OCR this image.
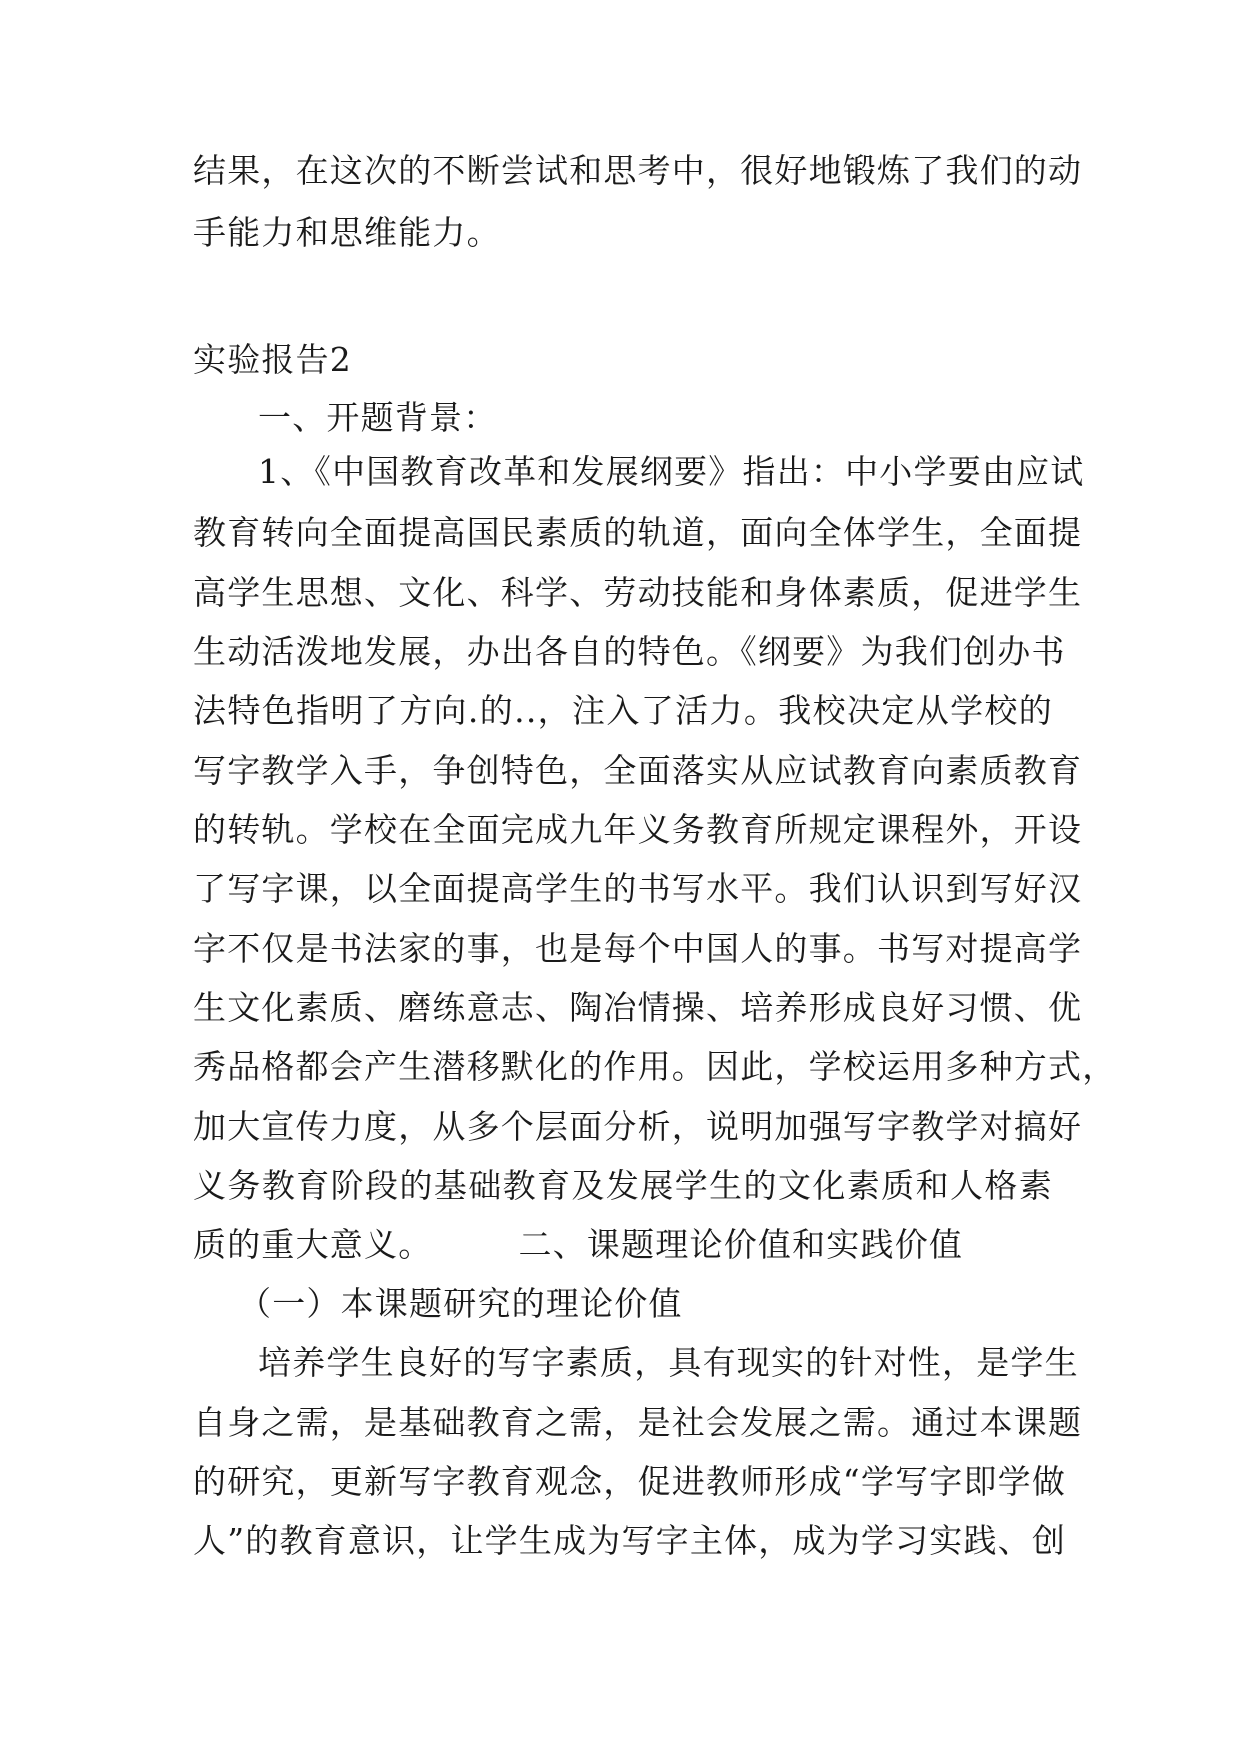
结果，在这次的不断尝试和思考中，很好地锻炼了我们的动

手能力和思维能力。

实验报告2

一、开题背景：

1、《中国教育改革和发展纲要》指出：中小学要由应试

教育转向全面提高国民素质的轨道，面向全体学生，全面提

高学生思想、文化、科学、劳动技能和身体素质，促进学生

生动活泼地发展，办出各自的特色。《纲要》为我们创办书

法特色指明了方向.的..，注入了活力。我校决定从学校的

写字教学入手，争创特色，全面落实从应试教育向素质教育

的转轨。学校在全面完成九年义务教育所规定课程外，开设

了写字课，以全面提高学生的书写水平。我们认识到写好汉

字不仅是书法家的事，也是每个中国人的事。书写对提高学

生文化素质、磨练意志、陶冶情操、培养形成良好习惯、优

秀品格都会产生潜移默化的作用。因此，学校运用多种方式，

加大宣传力度，从多个层面分析，说明加强写字教学对搞好

义务教育阶段的基础教育及发展学生的文化素质和人格素

质的重大意义。　　　二、课题理论价值和实践价值

（一）本课题研究的理论价值

培养学生良好的写字素质，具有现实的针对性，是学生

自身之需，是基础教育之需，是社会发展之需。通过本课题

的研究，更新写字教育观念，促进教师形成“学写字即学做

人”的教育意识，让学生成为写字主体，成为学习实践、创
